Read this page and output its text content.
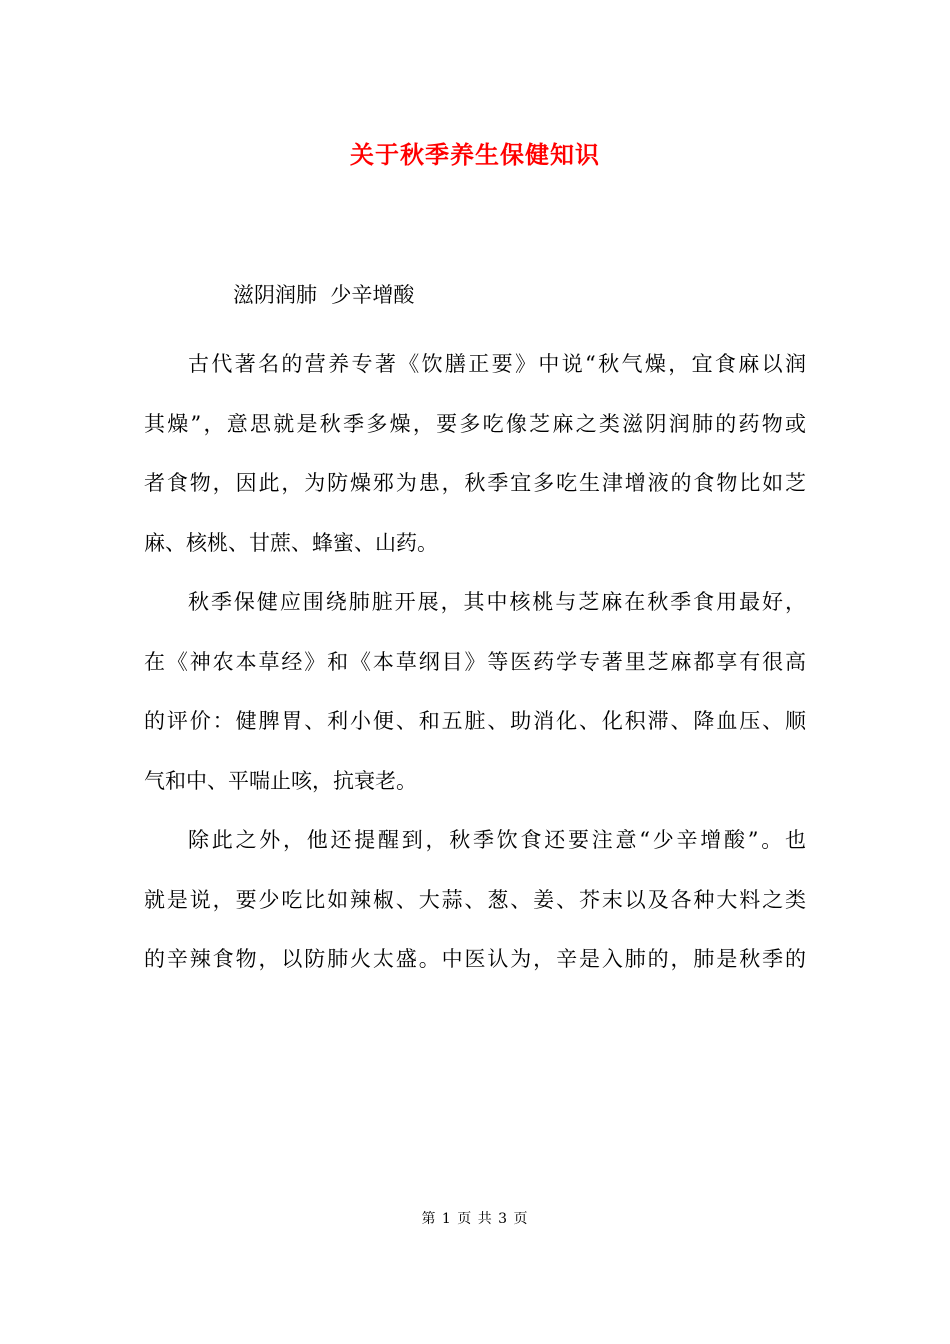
关于秋季养生保健知识
滋阴润肺  少辛增酸
古代著名的营养专著《饮膳正要》中说“秋气燥，宜食麻以润
其燥”，意思就是秋季多燥，要多吃像芝麻之类滋阴润肺的药物或
者食物，因此，为防燥邪为患，秋季宜多吃生津增液的食物比如芝
麻、核桃、甘蔗、蜂蜜、山药。
秋季保健应围绕肺脏开展，其中核桃与芝麻在秋季食用最好，
在《神农本草经》和《本草纲目》等医药学专著里芝麻都享有很高
的评价：健脾胃、利小便、和五脏、助消化、化积滞、降血压、顺
气和中、平喘止咳，抗衰老。
除此之外，他还提醒到，秋季饮食还要注意“少辛增酸”。也
就是说，要少吃比如辣椒、大蒜、葱、姜、芥末以及各种大料之类
的辛辣食物，以防肺火太盛。中医认为，辛是入肺的，肺是秋季的
第 1 页 共 3 页
